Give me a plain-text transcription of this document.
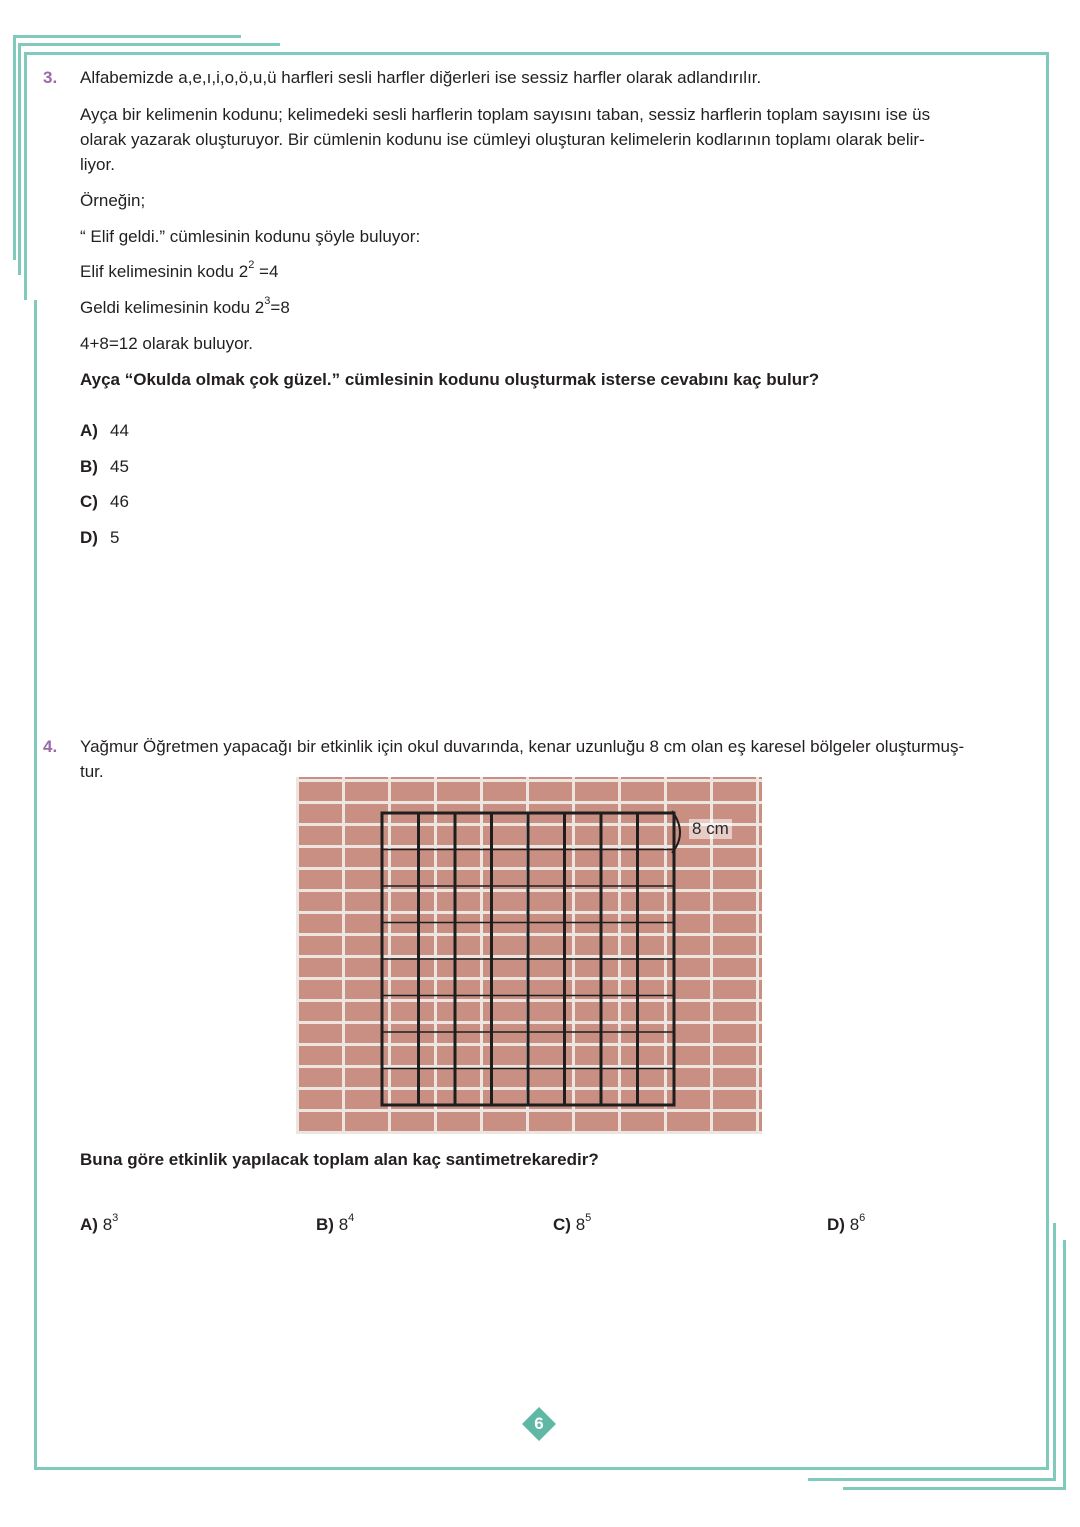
3. Alfabemizde a,e,ı,i,o,ö,u,ü harfleri sesli harfler diğerleri ise sessiz harfler olarak adlandırılır.
Ayça bir kelimenin kodunu; kelimedeki sesli harflerin toplam sayısını taban, sessiz harflerin toplam sayısını ise üs
olarak yazarak oluşturuyor. Bir cümlenin kodunu ise cümleyi oluşturan kelimelerin kodlarının toplamı olarak belir-
liyor.
Örneğin;
“ Elif geldi.” cümlesinin kodunu şöyle buluyor:
Elif kelimesinin kodu $2^2 =4$
Geldi kelimesinin kodu $2^3=8$
4+8=12 olarak buluyor.
Ayça “Okulda olmak çok güzel.” cümlesinin kodunu oluşturmak isterse cevabını kaç bulur?
A) 44
B) 45
C) 46
D) 5
4. Yağmur Öğretmen yapacağı bir etkinlik için okul duvarında, kenar uzunluğu 8 cm olan eş karesel bölgeler oluşturmuş-
tur.
8 cm
Buna göre etkinlik yapılacak toplam alan kaç santimetrekaredir?
A) $8^3$	B) $8^4$	C) $8^5$	D) $8^6$
6
